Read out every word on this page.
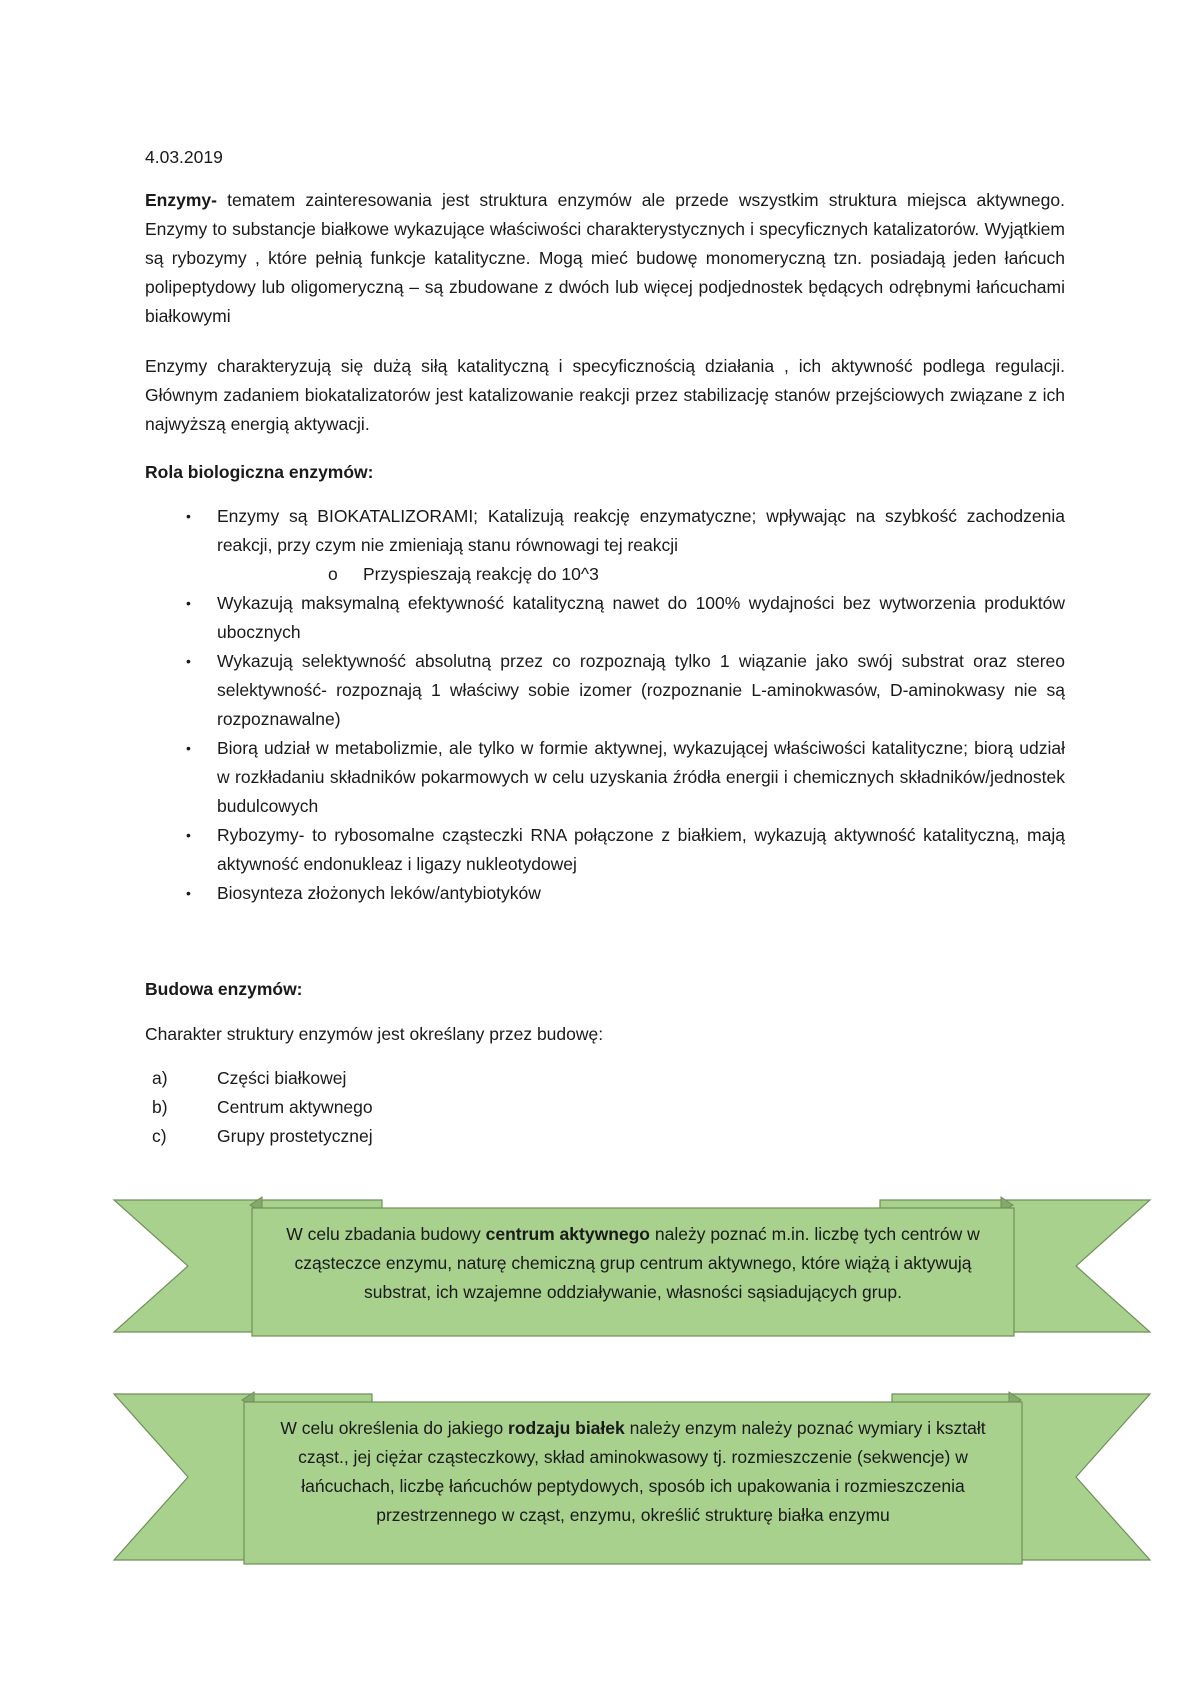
4.03.2019

Enzymy- tematem zainteresowania jest struktura enzymów ale przede wszystkim struktura miejsca aktywnego. Enzymy to substancje białkowe wykazujące właściwości charakterystycznych i specyficznych katalizatorów. Wyjątkiem są rybozymy , które pełnią funkcje katalityczne. Mogą mieć budowę monomeryczną tzn. posiadają jeden łańcuch polipeptydowy lub oligomeryczną – są zbudowane z dwóch lub więcej podjednostek będących odrębnymi łańcuchami białkowymi

Enzymy charakteryzują się dużą siłą katalityczną i specyficznością działania , ich aktywność podlega regulacji. Głównym zadaniem biokatalizatorów jest katalizowanie reakcji przez stabilizację stanów przejściowych związane z ich najwyższą energią aktywacji.

Rola biologiczna enzymów:
• Enzymy są BIOKATALIZORAMI; Katalizują reakcję enzymatyczne; wpływając na szybkość zachodzenia reakcji, przy czym nie zmieniają stanu równowagi tej reakcji
o Przyspieszają reakcję do 10^3
• Wykazują maksymalną efektywność katalityczną nawet do 100% wydajności bez wytworzenia produktów ubocznych
• Wykazują selektywność absolutną przez co rozpoznają tylko 1 wiązanie jako swój substrat oraz stereo selektywność- rozpoznają 1 właściwy sobie izomer (rozpoznanie L-aminokwasów, D-aminokwasy nie są rozpoznawalne)
• Biorą udział w metabolizmie, ale tylko w formie aktywnej, wykazującej właściwości katalityczne; biorą udział w rozkładaniu składników pokarmowych w celu uzyskania źródła energii i chemicznych składników/jednostek budulcowych
• Rybozymy- to rybosomalne cząsteczki RNA połączone z białkiem, wykazują aktywność katalityczną, mają aktywność endonukleaz i ligazy nukleotydowej
• Biosynteza złożonych leków/antybiotyków
Budowa enzymów:
Charakter struktury enzymów jest określany przez budowę:
a)	Części białkowej
b)	Centrum aktywnego
c)	Grupy prostetycznej
W celu zbadania budowy centrum aktywnego należy poznać m.in. liczbę tych centrów w cząsteczce enzymu, naturę chemiczną grup centrum aktywnego, które wiążą i aktywują substrat, ich wzajemne oddziaływanie, własności sąsiadujących grup.
W celu określenia do jakiego rodzaju białek należy enzym należy poznać wymiary i kształt cząst., jej ciężar cząsteczkowy, skład aminokwasowy tj. rozmieszczenie (sekwencje) w łańcuchach, liczbę łańcuchów peptydowych, sposób ich upakowania i rozmieszczenia przestrzennego w cząst, enzymu, określić strukturę białka enzymu
